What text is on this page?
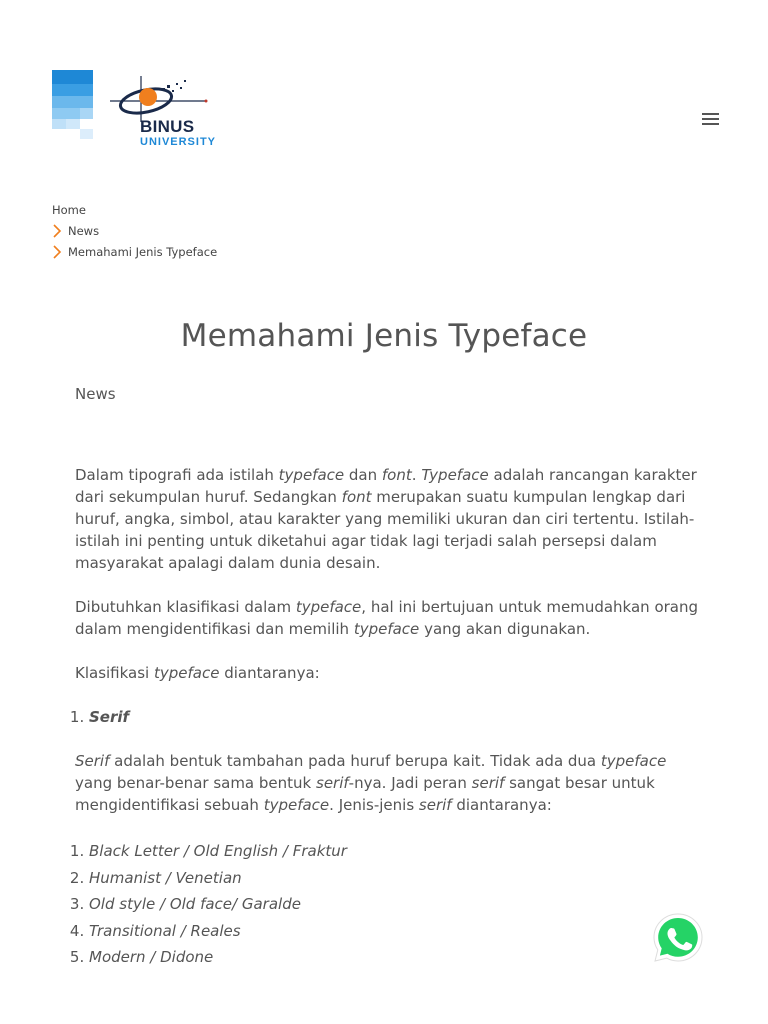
BINUS
UNIVERSITY
Home
News
Memahami Jenis Typeface
Memahami Jenis Typeface
News

Dalam tipografi ada istilah typeface dan font. Typeface adalah rancangan karakter dari sekumpulan huruf. Sedangkan font merupakan suatu kumpulan lengkap dari huruf, angka, simbol, atau karakter yang memiliki ukuran dan ciri tertentu. Istilah-istilah ini penting untuk diketahui agar tidak lagi terjadi salah persepsi dalam masyarakat apalagi dalam dunia desain.

Dibutuhkan klasifikasi dalam typeface, hal ini bertujuan untuk memudahkan orang dalam mengidentifikasi dan memilih typeface yang akan digunakan.

Klasifikasi typeface diantaranya:

1. Serif

Serif adalah bentuk tambahan pada huruf berupa kait. Tidak ada dua typeface yang benar-benar sama bentuk serif-nya. Jadi peran serif sangat besar untuk mengidentifikasi sebuah typeface. Jenis-jenis serif diantaranya:

1. Black Letter / Old English / Fraktur
2. Humanist / Venetian
3. Old style / Old face/ Garalde
4. Transitional / Reales
5. Modern / Didone
